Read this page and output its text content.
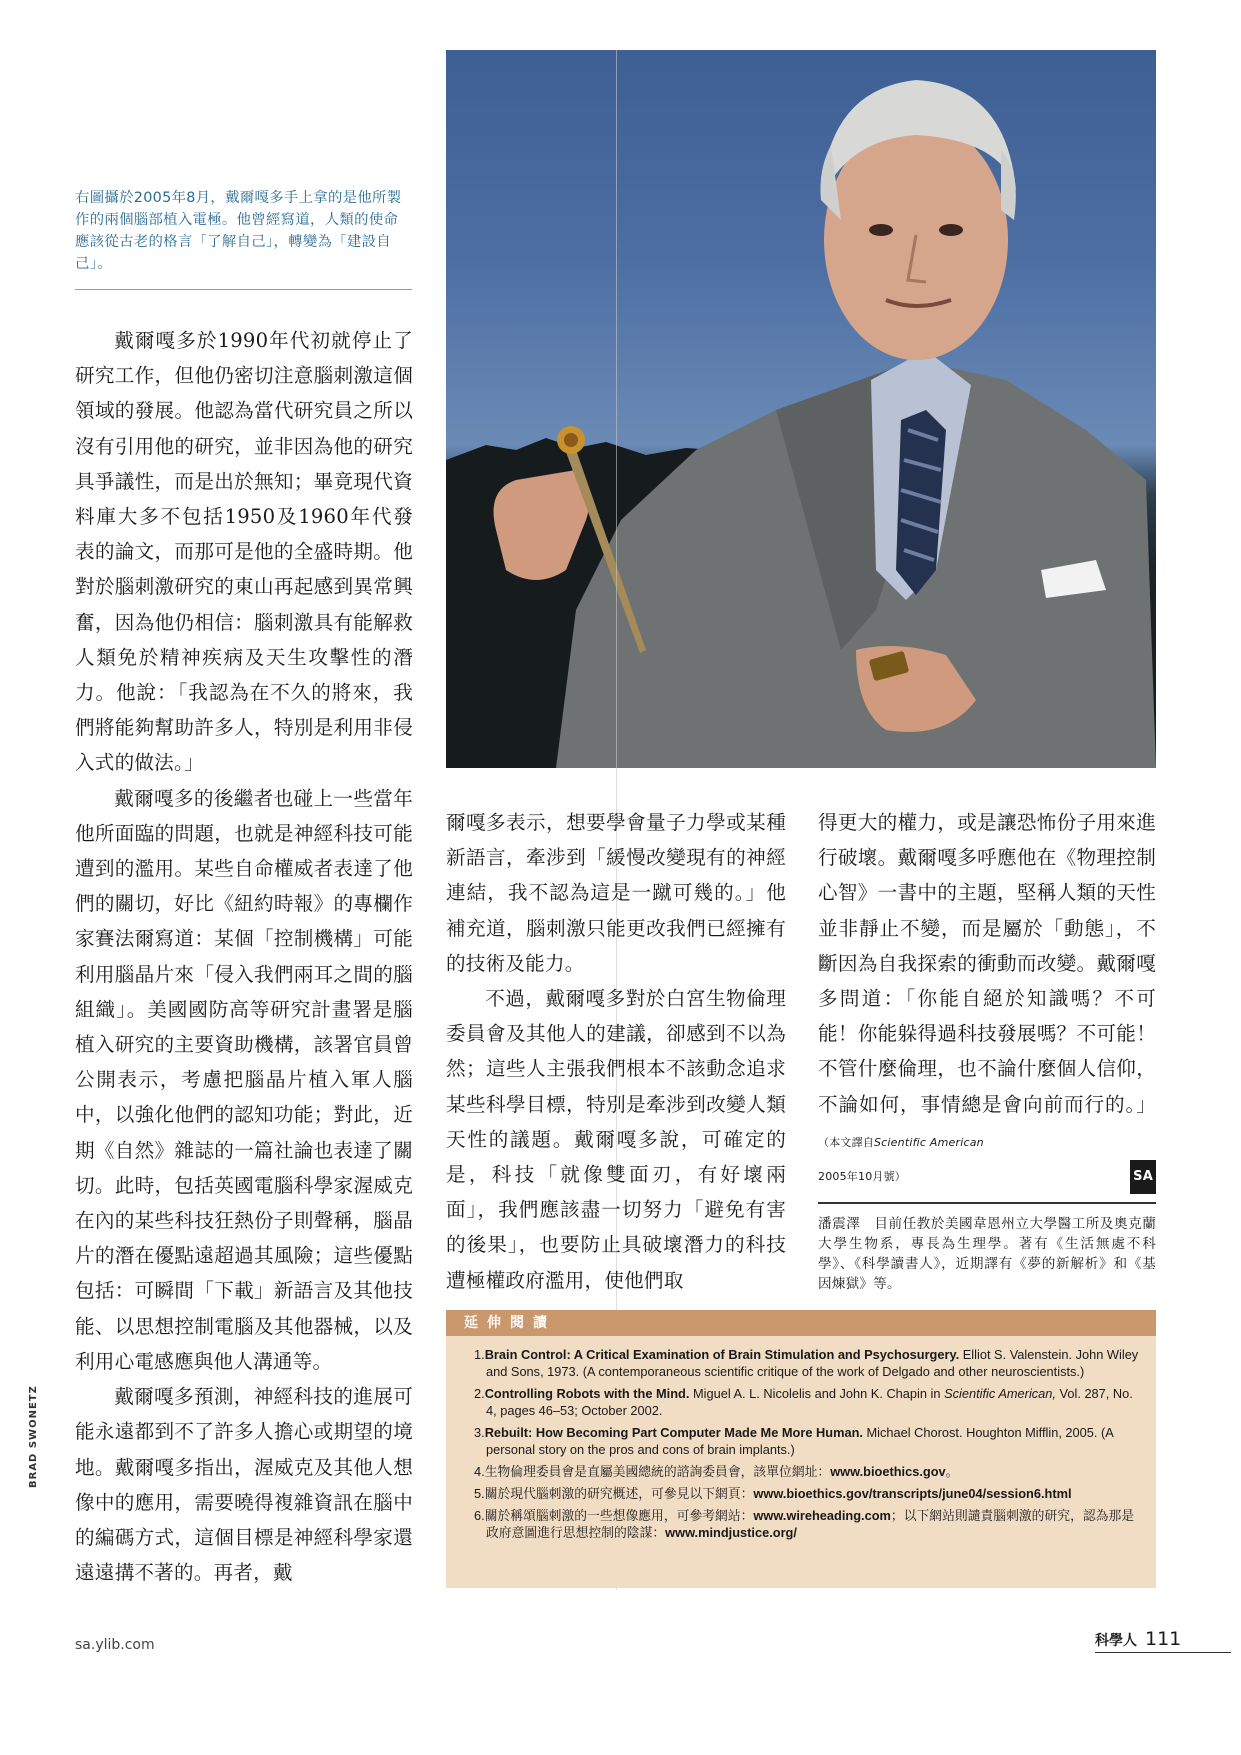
右圖攝於2005年8月，戴爾嘎多手上拿的是他所製作的兩個腦部植入電極。他曾經寫道，人類的使命應該從古老的格言「了解自己」，轉變為「建設自己」。

戴爾嘎多於1990年代初就停止了研究工作，但他仍密切注意腦刺激這個領域的發展。他認為當代研究員之所以沒有引用他的研究，並非因為他的研究具爭議性，而是出於無知；畢竟現代資料庫大多不包括1950及1960年代發表的論文，而那可是他的全盛時期。他對於腦刺激研究的東山再起感到異常興奮，因為他仍相信：腦刺激具有能解救人類免於精神疾病及天生攻擊性的潛力。他說：「我認為在不久的將來，我們將能夠幫助許多人，特別是利用非侵入式的做法。」

戴爾嘎多的後繼者也碰上一些當年他所面臨的問題，也就是神經科技可能遭到的濫用。某些自命權威者表達了他們的關切，好比《紐約時報》的專欄作家賽法爾寫道：某個「控制機構」可能利用腦晶片來「侵入我們兩耳之間的腦組織」。美國國防高等研究計畫署是腦植入研究的主要資助機構，該署官員曾公開表示，考慮把腦晶片植入軍人腦中，以強化他們的認知功能；對此，近期《自然》雜誌的一篇社論也表達了關切。此時，包括英國電腦科學家渥威克在內的某些科技狂熱份子則聲稱，腦晶片的潛在優點遠超過其風險；這些優點包括：可瞬間「下載」新語言及其他技能、以思想控制電腦及其他器械，以及利用心電感應與他人溝通等。

戴爾嘎多預測，神經科技的進展可能永遠都到不了許多人擔心或期望的境地。戴爾嘎多指出，渥威克及其他人想像中的應用，需要曉得複雜資訊在腦中的編碼方式，這個目標是神經科學家還遠遠搆不著的。再者，戴

爾嘎多表示，想要學會量子力學或某種新語言，牽涉到「緩慢改變現有的神經連結，我不認為這是一蹴可幾的。」他補充道，腦刺激只能更改我們已經擁有的技術及能力。

不過，戴爾嘎多對於白宮生物倫理委員會及其他人的建議，卻感到不以為然；這些人主張我們根本不該動念追求某些科學目標，特別是牽涉到改變人類天性的議題。戴爾嘎多說，可確定的是，科技「就像雙面刃，有好壞兩面」，我們應該盡一切努力「避免有害的後果」，也要防止具破壞潛力的科技遭極權政府濫用，使他們取

得更大的權力，或是讓恐怖份子用來進行破壞。戴爾嘎多呼應他在《物理控制心智》一書中的主題，堅稱人類的天性並非靜止不變，而是屬於「動態」，不斷因為自我探索的衝動而改變。戴爾嘎多問道：「你能自絕於知識嗎？不可能！你能躲得過科技發展嗎？不可能！不管什麼倫理，也不論什麼個人信仰，不論如何，事情總是會向前而行的。」（本文譯自Scientific American

2005年10月號）	SA
潘震澤　目前任教於美國韋恩州立大學醫工所及奧克蘭大學生物系，專長為生理學。著有《生活無處不科學》、《科學讀書人》，近期譯有《夢的新解析》和《基因煉獄》等。
延伸閱讀
1.Brain Control: A Critical Examination of Brain Stimulation and Psychosurgery. Elliot S. Valenstein. John Wiley and Sons, 1973. (A contemporaneous scientific critique of the work of Delgado and other neuroscientists.)
2.Controlling Robots with the Mind. Miguel A. L. Nicolelis and John K. Chapin in Scientific American, Vol. 287, No. 4, pages 46–53; October 2002.
3.Rebuilt: How Becoming Part Computer Made Me More Human. Michael Chorost. Houghton Mifflin, 2005. (A personal story on the pros and cons of brain implants.)
4.生物倫理委員會是直屬美國總統的諮詢委員會，該單位網址：www.bioethics.gov。
5.關於現代腦刺激的研究概述，可參見以下網頁：www.bioethics.gov/transcripts/june04/session6.html
6.關於稱頌腦刺激的一些想像應用，可參考網站：www.wireheading.com；以下網站則譴責腦刺激的研究，認為那是政府意圖進行思想控制的陰謀：www.mindjustice.org/
BRAD SWONETZ
sa.ylib.com	科學人 111
